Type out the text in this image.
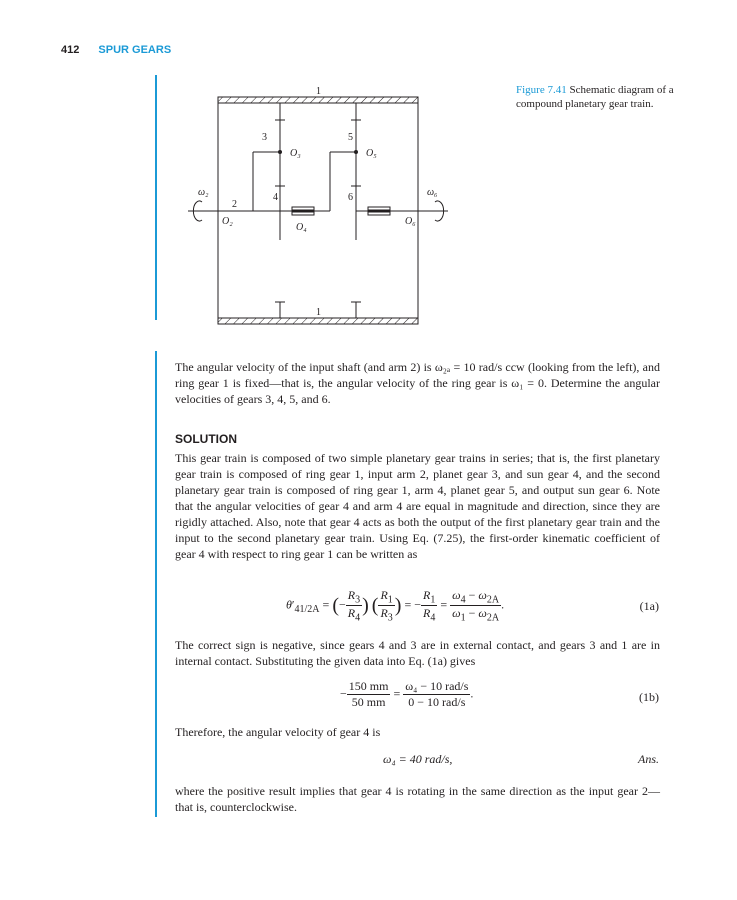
412 SPUR GEARS
1
1
3	5
O₃	O₅
ω₂	ω₆
2
O₂
4	6
O₄
O₆
Figure 7.41 Schematic diagram of a compound planetary gear train.
The angular velocity of the input shaft (and arm 2) is ω₂ₐ = 10 rad/s ccw (looking from the left), and ring gear 1 is fixed—that is, the angular velocity of the ring gear is ω₁ = 0. Determine the angular velocities of gears 3, 4, 5, and 6.
SOLUTION
This gear train is composed of two simple planetary gear trains in series; that is, the first planetary gear train is composed of ring gear 1, input arm 2, planet gear 3, and sun gear 4, and the second planetary gear train is composed of ring gear 1, arm 4, planet gear 5, and output sun gear 6. Note that the angular velocities of gear 4 and arm 4 are equal in magnitude and direction, since they are rigidly attached. Also, note that gear 4 acts as both the output of the first planetary gear train and the input to the second planetary gear train. Using Eq. (7.25), the first-order kinematic coefficient of gear 4 with respect to ring gear 1 can be written as
$\theta'_{41/2A}$ = (− $\frac{R_3}{R_4}$ ) ( $\frac{R_1}{R_3}$ ) = − $\frac{R_1}{R_4} = \frac{\omega_4 - \omega_{2A}}{\omega_1 - \omega_{2A}}$ .	(1a)
The correct sign is negative, since gears 4 and 3 are in external contact, and gears 3 and 1 are in internal contact. Substituting the given data into Eq. (1a) gives
− $\frac{150 mm}{50 mm} = \frac{\text{ω₄ − 10 rad/s}}{\text{0 − 10 rad/s}}$ .	(1b)
Therefore, the angular velocity of gear 4 is
ω₄ = 40 rad/s,	Ans.
where the positive result implies that gear 4 is rotating in the same direction as the input gear 2—that is, counterclockwise.
